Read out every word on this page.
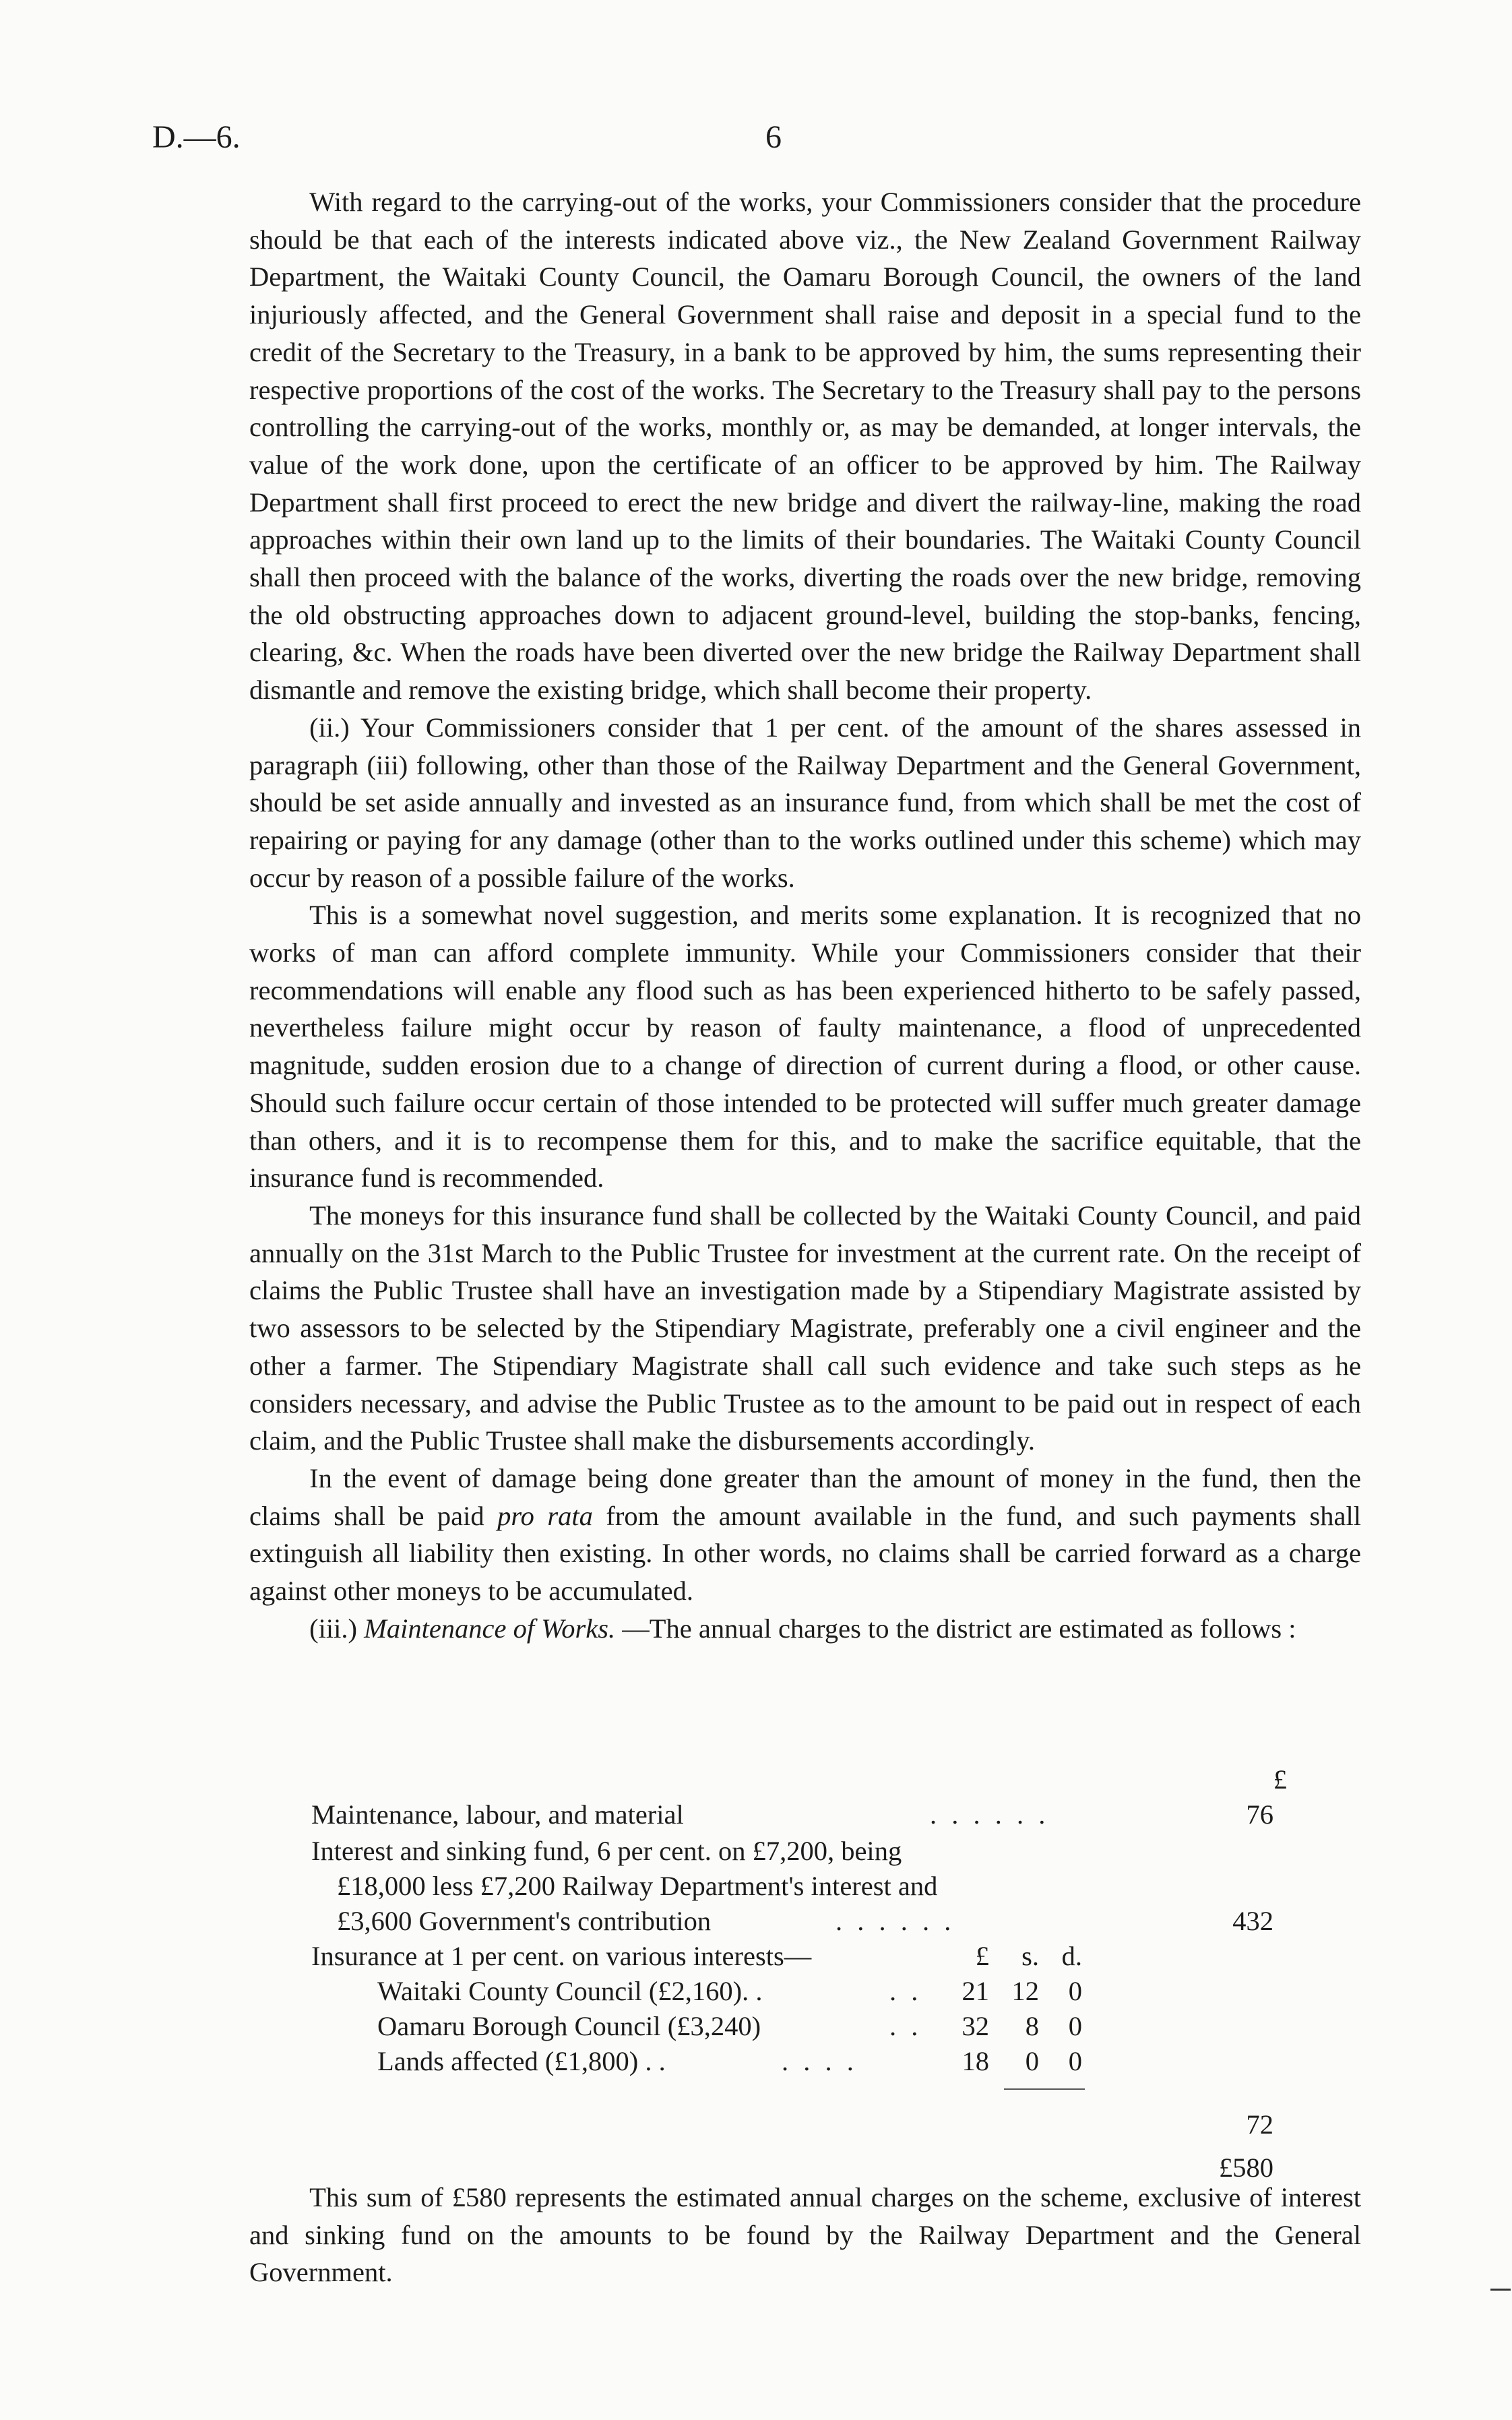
D.—6.	6

With regard to the carrying-out of the works, your Commissioners consider that the procedure should be that each of the interests indicated above viz., the New Zealand Government Railway Department, the Waitaki County Council, the Oamaru Borough Council, the owners of the land injuriously affected, and the General Government shall raise and deposit in a special fund to the credit of the Secretary to the Treasury, in a bank to be approved by him, the sums representing their respective proportions of the cost of the works. The Secretary to the Treasury shall pay to the persons controlling the carrying-out of the works, monthly or, as may be demanded, at longer intervals, the value of the work done, upon the certificate of an officer to be approved by him. The Railway Department shall first proceed to erect the new bridge and divert the railway-line, making the road approaches within their own land up to the limits of their boundaries. The Waitaki County Council shall then proceed with the balance of the works, diverting the roads over the new bridge, removing the old obstructing approaches down to adjacent ground-level, building the stop-banks, fencing, clearing, &c. When the roads have been diverted over the new bridge the Railway Department shall dismantle and remove the existing bridge, which shall become their property.

(ii.) Your Commissioners consider that 1 per cent. of the amount of the shares assessed in paragraph (iii) following, other than those of the Railway Department and the General Government, should be set aside annually and invested as an insurance fund, from which shall be met the cost of repairing or paying for any damage (other than to the works outlined under this scheme) which may occur by reason of a possible failure of the works.

This is a somewhat novel suggestion, and merits some explanation. It is recognized that no works of man can afford complete immunity. While your Commissioners consider that their recommendations will enable any flood such as has been experienced hitherto to be safely passed, nevertheless failure might occur by reason of faulty maintenance, a flood of unprecedented magnitude, sudden erosion due to a change of direction of current during a flood, or other cause. Should such failure occur certain of those intended to be protected will suffer much greater damage than others, and it is to recompense them for this, and to make the sacrifice equitable, that the insurance fund is recommended.

The moneys for this insurance fund shall be collected by the Waitaki County Council, and paid annually on the 31st March to the Public Trustee for investment at the current rate. On the receipt of claims the Public Trustee shall have an investigation made by a Stipendiary Magistrate assisted by two assessors to be selected by the Stipendiary Magistrate, preferably one a civil engineer and the other a farmer. The Stipendiary Magistrate shall call such evidence and take such steps as he considers necessary, and advise the Public Trustee as to the amount to be paid out in respect of each claim, and the Public Trustee shall make the disbursements accordingly.

In the event of damage being done greater than the amount of money in the fund, then the claims shall be paid pro rata from the amount available in the fund, and such payments shall extinguish all liability then existing. In other words, no claims shall be carried forward as a charge against other moneys to be accumulated.

(iii.) Maintenance of Works. —The annual charges to the district are estimated as follows :

£
Maintenance, labour, and material	. . . . . .	76
Interest and sinking fund, 6 per cent. on £7,200, being
£18,000 less £7,200 Railway Department's interest and
£3,600 Government's contribution	. . . . . .	432
Insurance at 1 per cent. on various interests—	£	s. d.
Waitaki County Council (£2,160). .	. .	21 12	0
Oamaru Borough Council (£3,240)	. .	32	8	0
Lands affected (£1,800) . .	. . . .	18	0	0
72
£580

This sum of £580 represents the estimated annual charges on the scheme, exclusive of interest and sinking fund on the amounts to be found by the Railway Department and the General Government.
